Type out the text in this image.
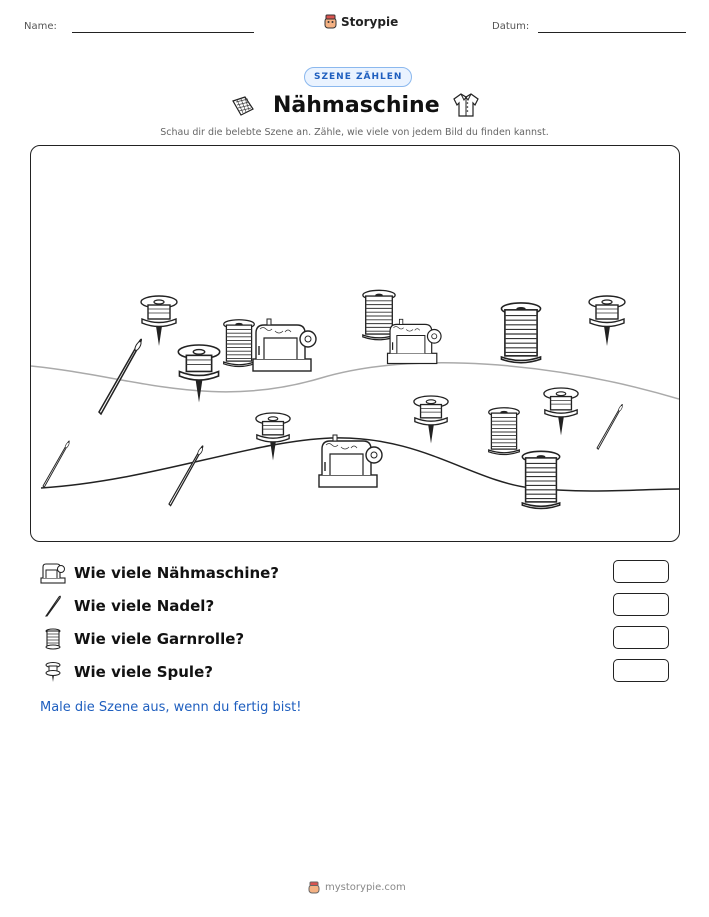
Name:	Storypie	Datum:
SZENE ZÄHLEN
Nähmaschine
Schau dir die belebte Szene an. Zähle, wie viele von jedem Bild du finden kannst.
Wie viele Nähmaschine?
Wie viele Nadel?
Wie viele Garnrolle?
Wie viele Spule?
Male die Szene aus, wenn du fertig bist!
mystorypie.com
